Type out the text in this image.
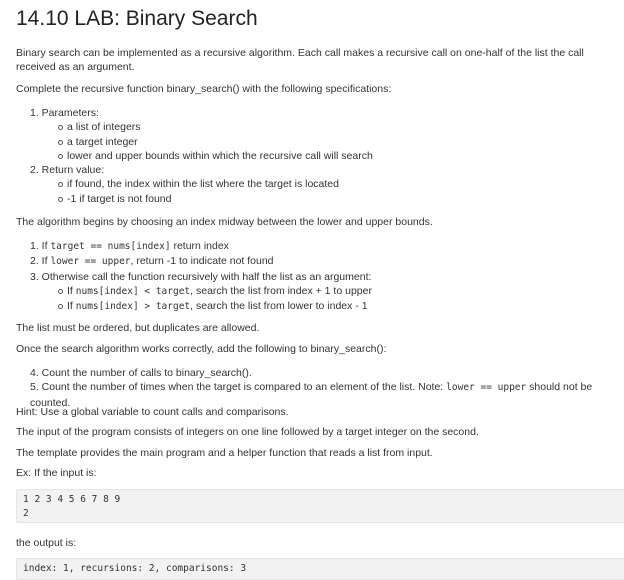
14.10 LAB: Binary Search

Binary search can be implemented as a recursive algorithm. Each call makes a recursive call on one-half of the list the call received as an argument.

Complete the recursive function binary_search() with the following specifications:

1. Parameters:
a list of integers
a target integer
lower and upper bounds within which the recursive call will search
2. Return value:
if found, the index within the list where the target is located
-1 if target is not found

The algorithm begins by choosing an index midway between the lower and upper bounds.

1. If target == nums[index] return index
2. If lower == upper, return -1 to indicate not found
3. Otherwise call the function recursively with half the list as an argument:
If nums[index] < target, search the list from index + 1 to upper
If nums[index] > target, search the list from lower to index - 1

The list must be ordered, but duplicates are allowed.

Once the search algorithm works correctly, add the following to binary_search():

4. Count the number of calls to binary_search().
5. Count the number of times when the target is compared to an element of the list. Note: lower == upper should not be counted.

Hint: Use a global variable to count calls and comparisons.

The input of the program consists of integers on one line followed by a target integer on the second.

The template provides the main program and a helper function that reads a list from input.

Ex: If the input is:

1 2 3 4 5 6 7 8 9
2

the output is:

index: 1, recursions: 2, comparisons: 3
